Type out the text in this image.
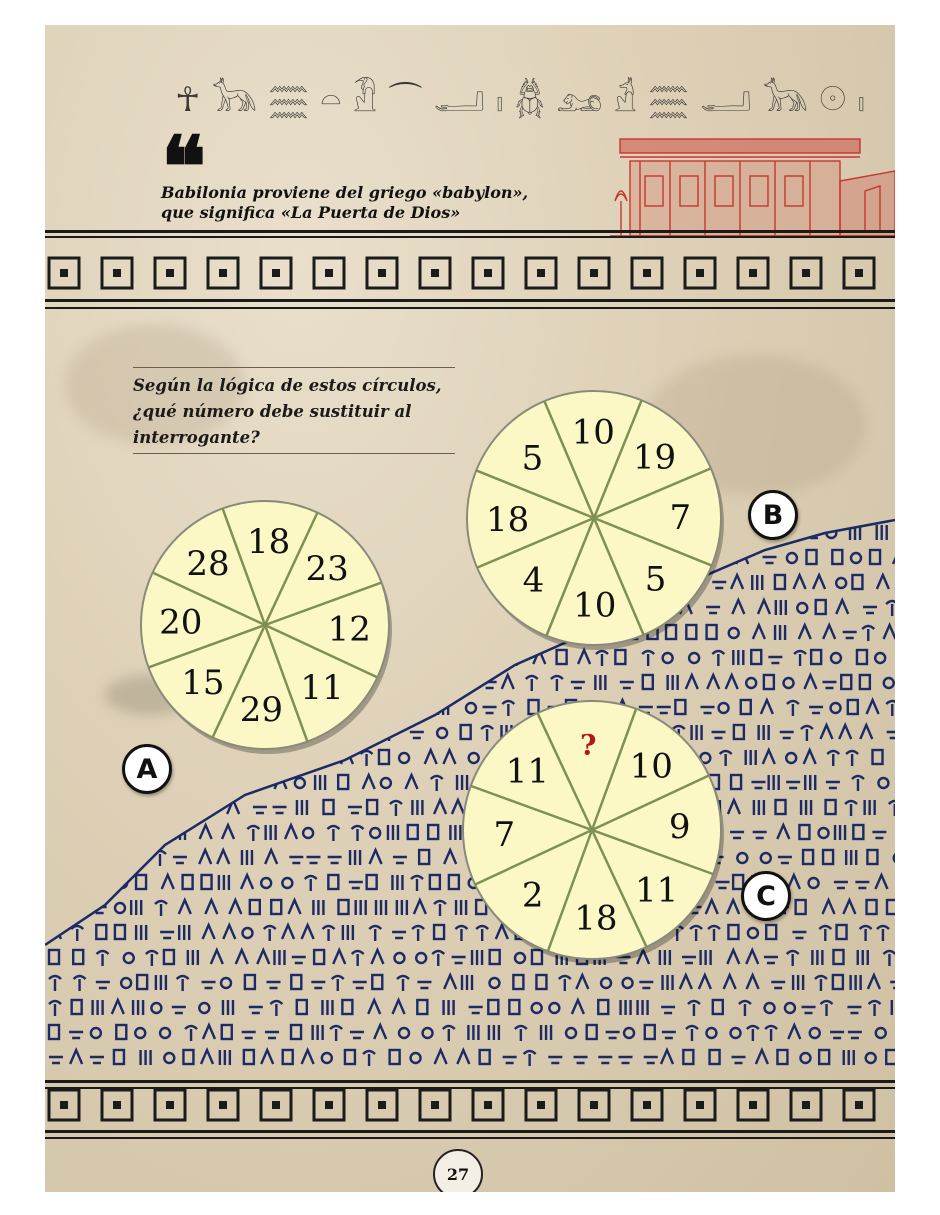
☥ 𓃥 𓈗 𓏏 𓁟 ⌒ 𓂝 𓏤 𓆣 𓃭 𓁢 𓈗 𓂝 𓃥 𓇳 𓏤
❝
Babilonia proviene del griego «babylon»,
que significa «La Puerta de Dios»
Según la lógica de estos círculos,
¿qué número debe sustituir al
interrogante?
18
23
12
11
29
15
20
28
19
7
5
10
4
18
5
10
10
9
11
18
2
7
11
?
A
B
C
27
